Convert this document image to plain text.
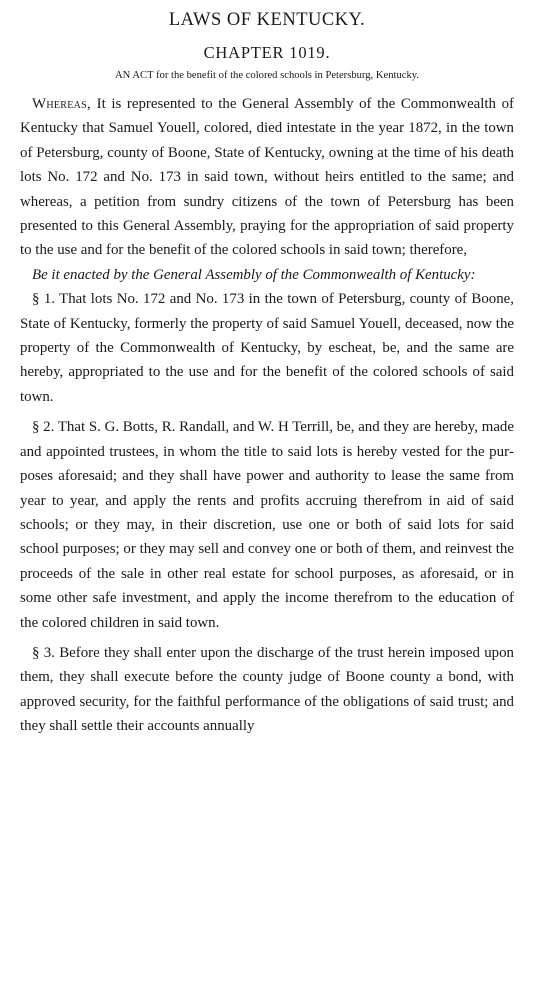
LAWS OF KENTUCKY.
CHAPTER 1019.
AN ACT for the benefit of the colored schools in Petersburg, Kentucky.

Whereas, It is represented to the General Assembly of the Commonwealth of Kentucky that Samuel Youell, colored, died intestate in the year 1872, in the town of Petersburg, county of Boone, State of Kentucky, owning at the time of his death lots No. 172 and No. 173 in said town, without heirs entitled to the same; and whereas, a petition from sundry citizens of the town of Petersburg has been presented to this General Assembly, praying for the appropriation of said property to the use and for the benefit of the colored schools in said town; therefore,

Be it enacted by the General Assembly of the Commonwealth of Kentucky:

§ 1. That lots No. 172 and No. 173 in the town of Petersburg, county of Boone, State of Kentucky, formerly the property of said Samuel Youell, deceased, now the property of the Commonwealth of Kentucky, by escheat, be, and the same are hereby, appropriated to the use and for the benefit of the colored schools of said town.

§ 2. That S. G. Botts, R. Randall, and W. H Terrill, be, and they are hereby, made and appointed trustees, in whom the title to said lots is hereby vested for the purposes aforesaid; and they shall have power and authority to lease the same from year to year, and apply the rents and profits accruing therefrom in aid of said schools; or they may, in their discretion, use one or both of said lots for said school purposes; or they may sell and convey one or both of them, and reinvest the proceeds of the sale in other real estate for school purposes, as aforesaid, or in some other safe investment, and apply the income therefrom to the education of the colored children in said town.

§ 3. Before they shall enter upon the discharge of the trust herein imposed upon them, they shall execute before the county judge of Boone county a bond, with approved security, for the faithful performance of the obligations of said trust; and they shall settle their accounts annually
